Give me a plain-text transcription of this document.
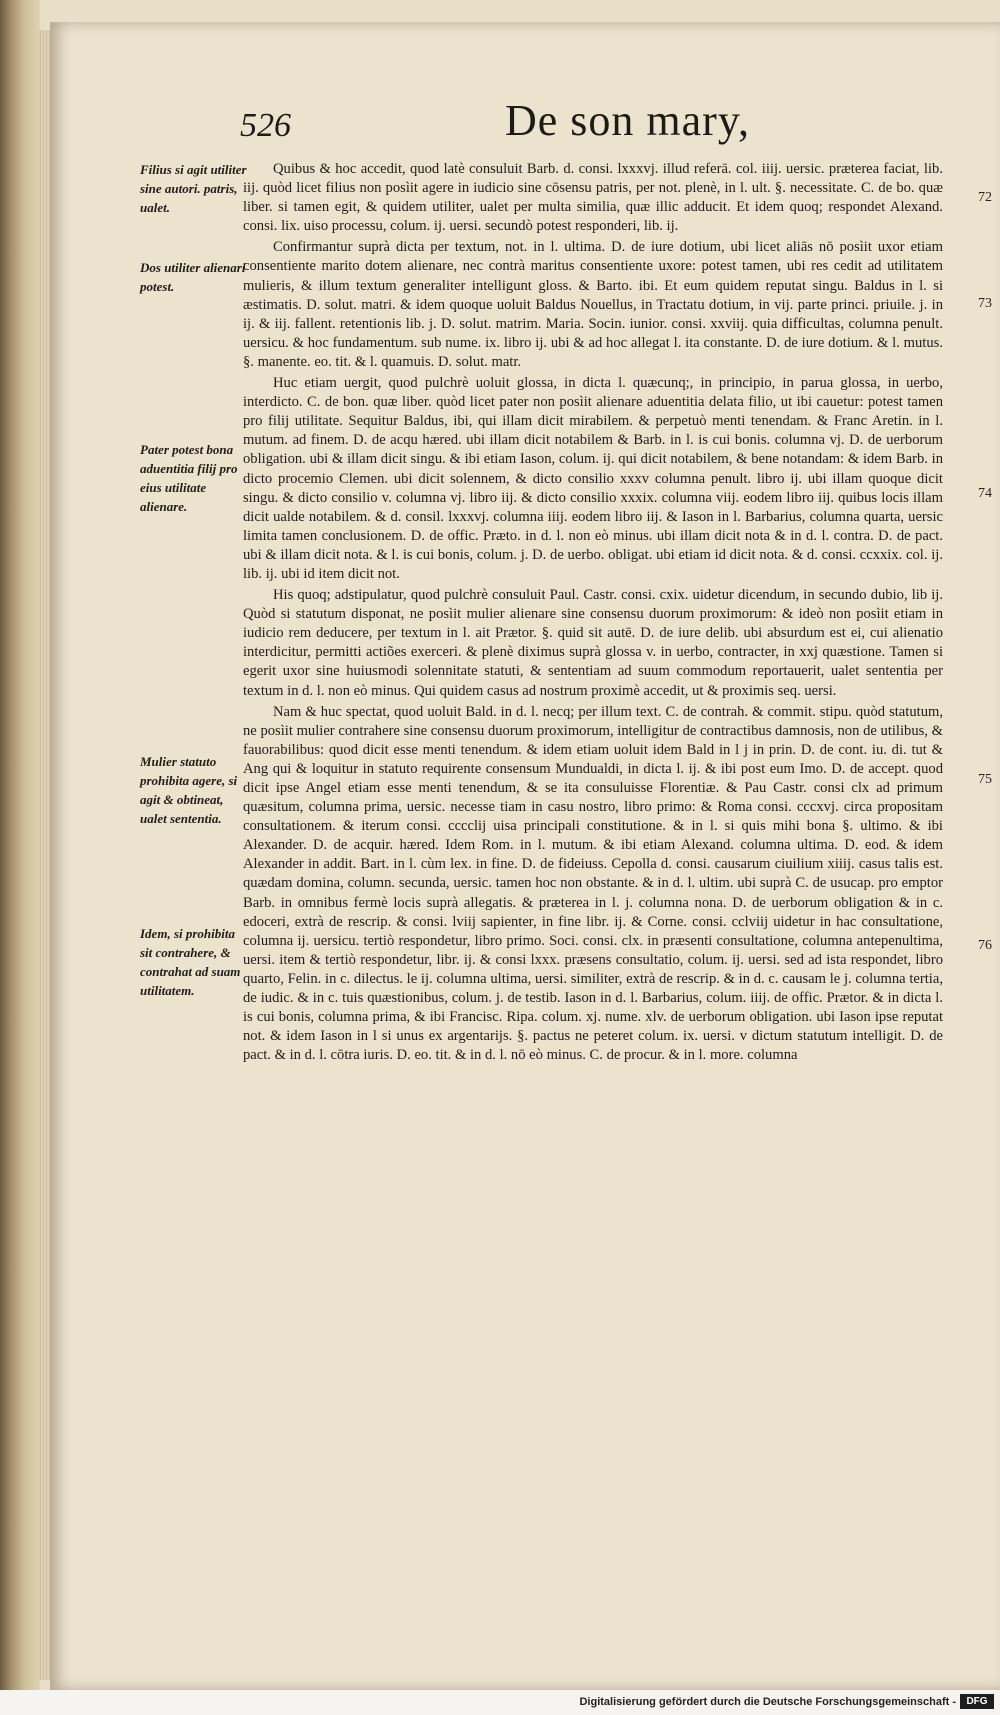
526	De son mary,
Filius si agit utiliter sine autori. patris, ualet.
Dos utiliter alienari potest.
Pater potest bona aduentitia filij pro eius utilitate alienare.
Mulier statuto prohibita agere, si agit & obtineat, ualet sententia.
Idem, si prohibita sit contrahere, & contrahat ad suam utilitatem.
72
73
74
75
76

Quibus & hoc accedit, quod latè consuluit Barb. d. consi. lxxxvj. illud referā. col. iiij. uersic. præterea faciat, lib. iij. quòd licet filius non posìit agere in iudicio sine cōsensu patris, per not. plenè, in l. ult. §. necessitate. C. de bo. quæ liber. si tamen egit, & quidem utiliter, ualet per multa similia, quæ illic adducit. Et idem quoq; respondet Alexand. consi. lix. uiso processu, colum. ij. uersi. secundò potest responderi, lib. ij.

Confirmantur suprà dicta per textum, not. in l. ultima. D. de iure dotium, ubi licet aliās nō posìit uxor etiam consentiente marito dotem alienare, nec contrà maritus consentiente uxore: potest tamen, ubi res cedit ad utilitatem mulieris, & illum textum generaliter intelligunt gloss. & Barto. ibi. Et eum quidem reputat singu. Baldus in l. si æstimatis. D. solut. matri. & idem quoque uoluit Baldus Nouellus, in Tractatu dotium, in vij. parte princi. priuile. j. in ij. & iij. fallent. retentionis lib. j. D. solut. matrim. Maria. Socin. iunior. consi. xxviij. quia difficultas, columna penult. uersicu. & hoc fundamentum. sub nume. ix. libro ij. ubi & ad hoc allegat l. ita constante. D. de iure dotium. & l. mutus. §. manente. eo. tit. & l. quamuis. D. solut. matr.

Huc etiam uergit, quod pulchrè uoluit glossa, in dicta l. quæcunq;, in principio, in parua glossa, in uerbo, interdicto. C. de bon. quæ liber. quòd licet pater non posìit alienare aduentitia delata filio, ut ibi cauetur: potest tamen pro filij utilitate. Sequitur Baldus, ibi, qui illam dicit mirabilem. & perpetuò menti tenendam. & Franc Aretin. in l. mutum. ad finem. D. de acqu hæred. ubi illam dicit notabilem & Barb. in l. is cui bonis. columna vj. D. de uerborum obligation. ubi & illam dicit singu. & ibi etiam Iason, colum. ij. qui dicit notabilem, & bene notandam: & idem Barb. in dicto procemio Clemen. ubi dicit solennem, & dicto consilio xxxv columna penult. libro ij. ubi illam quoque dicit singu. & dicto consilio v. columna vj. libro iij. & dicto consilio xxxix. columna viij. eodem libro iij. quibus locis illam dicit ualde notabilem. & d. consil. lxxxvj. columna iiij. eodem libro iij. & Iason in l. Barbarius, columna quarta, uersic limita tamen conclusionem. D. de offic. Præto. in d. l. non eò minus. ubi illam dicit nota & in d. l. contra. D. de pact. ubi & illam dicit nota. & l. is cui bonis, colum. j. D. de uerbo. obligat. ubi etiam id dicit nota. & d. consi. ccxxix. col. ij. lib. ij. ubi id item dicit not.

His quoq; adstipulatur, quod pulchrè consuluit Paul. Castr. consi. cxix. uidetur dicendum, in secundo dubio, lib ij. Quòd si statutum disponat, ne posìit mulier alienare sine consensu duorum proximorum: & ideò non posìit etiam in iudicio rem deducere, per textum in l. ait Prætor. §. quid sit autē. D. de iure delib. ubi absurdum est ei, cui alienatio interdicitur, permitti actiões exerceri. & plenè diximus suprà glossa v. in uerbo, contracter, in xxj quæstione. Tamen si egerit uxor sine huiusmodi solennitate statuti, & sententiam ad suum commodum reportauerit, ualet sententia per textum in d. l. non eò minus. Qui quidem casus ad nostrum proximè accedit, ut & proximis seq. uersi.

Nam & huc spectat, quod uoluit Bald. in d. l. necq; per illum text. C. de contrah. & commit. stipu. quòd statutum, ne posìit mulier contrahere sine consensu duorum proximorum, intelligitur de contractibus damnosis, non de utilibus, & fauorabilibus: quod dicit esse menti tenendum. & idem etiam uoluit idem Bald in l j in prin. D. de cont. iu. di. tut & Ang qui & loquitur in statuto requirente consensum Mundualdi, in dicta l. ij. & ibi post eum Imo. D. de accept. quod dicit ipse Angel etiam esse menti tenendum, & se ita consuluisse Florentiæ. & Pau Castr. consi clx ad primum quæsitum, columna prima, uersic. necesse tiam in casu nostro, libro primo: & Roma consi. cccxvj. circa propositam consultationem. & iterum consi. cccclij uisa principali constitutione. & in l. si quis mihi bona §. ultimo. & ibi Alexander. D. de acquir. hæred. Idem Rom. in l. mutum. & ibi etiam Alexand. columna ultima. D. eod. & idem Alexander in addit. Bart. in l. cùm lex. in fine. D. de fideiuss. Cepolla d. consi. causarum ciuilium xiiij. casus talis est. quædam domina, column. secunda, uersic. tamen hoc non obstante. & in d. l. ultim. ubi suprà C. de usucap. pro emptor Barb. in omnibus fermè locis suprà allegatis. & præterea in l. j. columna nona. D. de uerborum obligation & in c. edoceri, extrà de rescrip. & consi. lviij sapienter, in fine libr. ij. & Corne. consi. cclviij uidetur in hac consultatione, columna ij. uersicu. tertiò respondetur, libro primo. Soci. consi. clx. in præsenti consultatione, columna antepenultima, uersi. item & tertiò respondetur, libr. ij. & consi lxxx. præsens consultatio, colum. ij. uersi. sed ad ista respondet, libro quarto, Felin. in c. dilectus. le ij. columna ultima, uersi. similiter, extrà de rescrip. & in d. c. causam le j. columna tertia, de iudic. & in c. tuis quæstionibus, colum. j. de testib. Iason in d. l. Barbarius, colum. iiij. de offic. Prætor. & in dicta l. is cui bonis, columna prima, & ibi Francisc. Ripa. colum. xj. nume. xlv. de uerborum obligation. ubi Iason ipse reputat not. & idem Iason in l si unus ex argentarijs. §. pactus ne peteret colum. ix. uersi. v dictum statutum intelligit. D. de pact. & in d. l. cōtra iuris. D. eo. tit. & in d. l. nō eò minus. C. de procur. & in l. more. columna

Digitalisierung gefördert durch die Deutsche Forschungsgemeinschaft -	DFG
